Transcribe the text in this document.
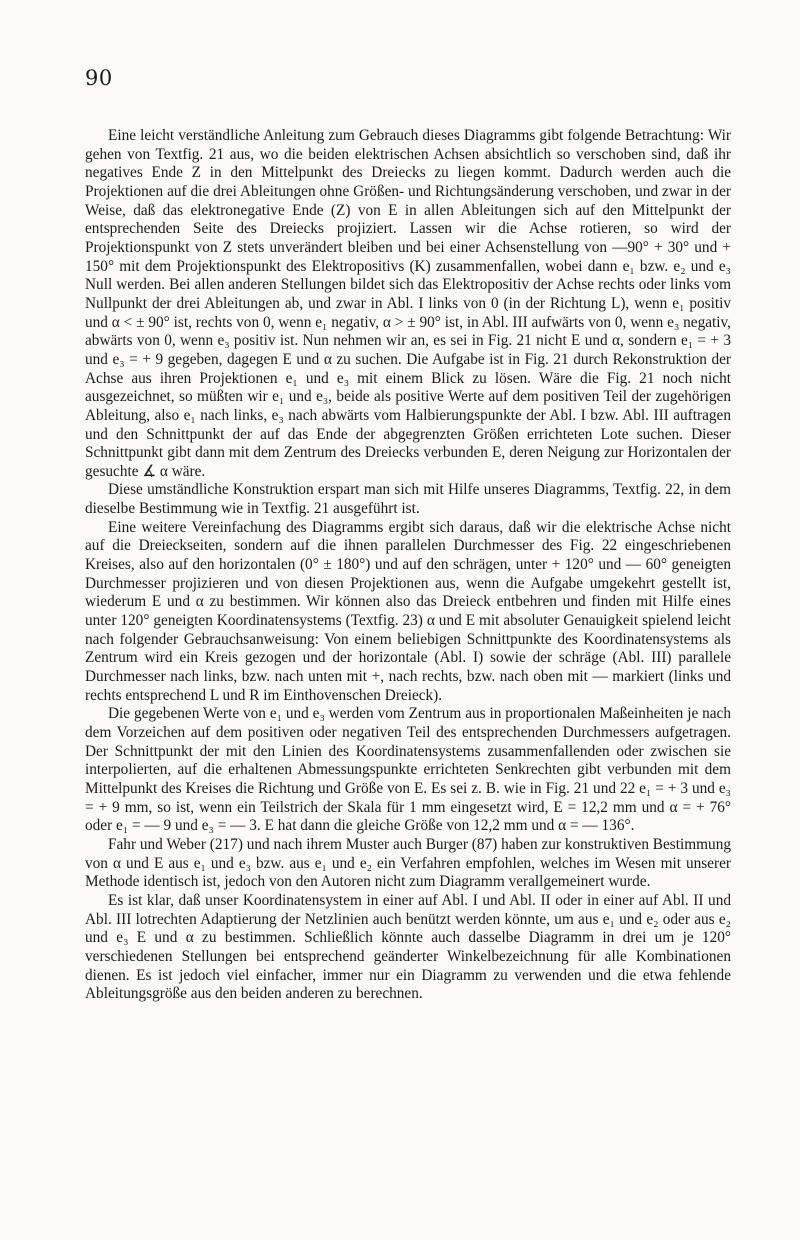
90

Eine leicht verständliche Anleitung zum Gebrauch dieses Diagramms gibt folgende Betrachtung: Wir gehen von Textfig. 21 aus, wo die beiden elektrischen Achsen absichtlich so verschoben sind, daß ihr negatives Ende Z in den Mittelpunkt des Dreiecks zu liegen kommt. Dadurch werden auch die Projektionen auf die drei Ableitungen ohne Größen- und Richtungsänderung verschoben, und zwar in der Weise, daß das elektronegative Ende (Z) von E in allen Ableitungen sich auf den Mittelpunkt der entsprechenden Seite des Dreiecks projiziert. Lassen wir die Achse rotieren, so wird der Projektionspunkt von Z stets unverändert bleiben und bei einer Achsenstellung von —90° + 30° und + 150° mit dem Projektionspunkt des Elektropositivs (K) zusammenfallen, wobei dann e₁ bzw. e₂ und e₃ Null werden. Bei allen anderen Stellungen bildet sich das Elektropositiv der Achse rechts oder links vom Nullpunkt der drei Ableitungen ab, und zwar in Abl. I links von 0 (in der Richtung L), wenn e₁ positiv und α < ± 90° ist, rechts von 0, wenn e₁ negativ, α > ± 90° ist, in Abl. III aufwärts von 0, wenn e₃ negativ, abwärts von 0, wenn e₃ positiv ist. Nun nehmen wir an, es sei in Fig. 21 nicht E und α, sondern e₁ = + 3 und e₃ = + 9 gegeben, dagegen E und α zu suchen. Die Aufgabe ist in Fig. 21 durch Rekonstruktion der Achse aus ihren Projektionen e₁ und e₃ mit einem Blick zu lösen. Wäre die Fig. 21 noch nicht ausgezeichnet, so müßten wir e₁ und e₃, beide als positive Werte auf dem positiven Teil der zugehörigen Ableitung, also e₁ nach links, e₃ nach abwärts vom Halbierungspunkte der Abl. I bzw. Abl. III auftragen und den Schnittpunkt der auf das Ende der abgegrenzten Größen errichteten Lote suchen. Dieser Schnittpunkt gibt dann mit dem Zentrum des Dreiecks verbunden E, deren Neigung zur Horizontalen der gesuchte ∡ α wäre.

Diese umständliche Konstruktion erspart man sich mit Hilfe unseres Diagramms, Textfig. 22, in dem dieselbe Bestimmung wie in Textfig. 21 ausgeführt ist.

Eine weitere Vereinfachung des Diagramms ergibt sich daraus, daß wir die elektrische Achse nicht auf die Dreieckseiten, sondern auf die ihnen parallelen Durchmesser des Fig. 22 eingeschriebenen Kreises, also auf den horizontalen (0° ± 180°) und auf den schrägen, unter + 120° und — 60° geneigten Durchmesser projizieren und von diesen Projektionen aus, wenn die Aufgabe umgekehrt gestellt ist, wiederum E und α zu bestimmen. Wir können also das Dreieck entbehren und finden mit Hilfe eines unter 120° geneigten Koordinatensystems (Textfig. 23) α und E mit absoluter Genauigkeit spielend leicht nach folgender Gebrauchsanweisung: Von einem beliebigen Schnittpunkte des Koordinatensystems als Zentrum wird ein Kreis gezogen und der horizontale (Abl. I) sowie der schräge (Abl. III) parallele Durchmesser nach links, bzw. nach unten mit +, nach rechts, bzw. nach oben mit — markiert (links und rechts entsprechend L und R im Einthovenschen Dreieck).

Die gegebenen Werte von e₁ und e₃ werden vom Zentrum aus in proportionalen Maßeinheiten je nach dem Vorzeichen auf dem positiven oder negativen Teil des entsprechenden Durchmessers aufgetragen. Der Schnittpunkt der mit den Linien des Koordinatensystems zusammenfallenden oder zwischen sie interpolierten, auf die erhaltenen Abmessungspunkte errichteten Senkrechten gibt verbunden mit dem Mittelpunkt des Kreises die Richtung und Größe von E. Es sei z. B. wie in Fig. 21 und 22 e₁ = + 3 und e₃ = + 9 mm, so ist, wenn ein Teilstrich der Skala für 1 mm eingesetzt wird, E = 12,2 mm und α = + 76° oder e₁ = — 9 und e₃ = — 3. E hat dann die gleiche Größe von 12,2 mm und α = — 136°.

Fahr und Weber (217) und nach ihrem Muster auch Burger (87) haben zur konstruktiven Bestimmung von α und E aus e₁ und e₃ bzw. aus e₁ und e₂ ein Verfahren empfohlen, welches im Wesen mit unserer Methode identisch ist, jedoch von den Autoren nicht zum Diagramm verallgemeinert wurde.

Es ist klar, daß unser Koordinatensystem in einer auf Abl. I und Abl. II oder in einer auf Abl. II und Abl. III lotrechten Adaptierung der Netzlinien auch benützt werden könnte, um aus e₁ und e₂ oder aus e₂ und e₃ E und α zu bestimmen. Schließlich könnte auch dasselbe Diagramm in drei um je 120° verschiedenen Stellungen bei entsprechend geänderter Winkelbezeichnung für alle Kombinationen dienen. Es ist jedoch viel einfacher, immer nur ein Diagramm zu verwenden und die etwa fehlende Ableitungsgröße aus den beiden anderen zu berechnen.
